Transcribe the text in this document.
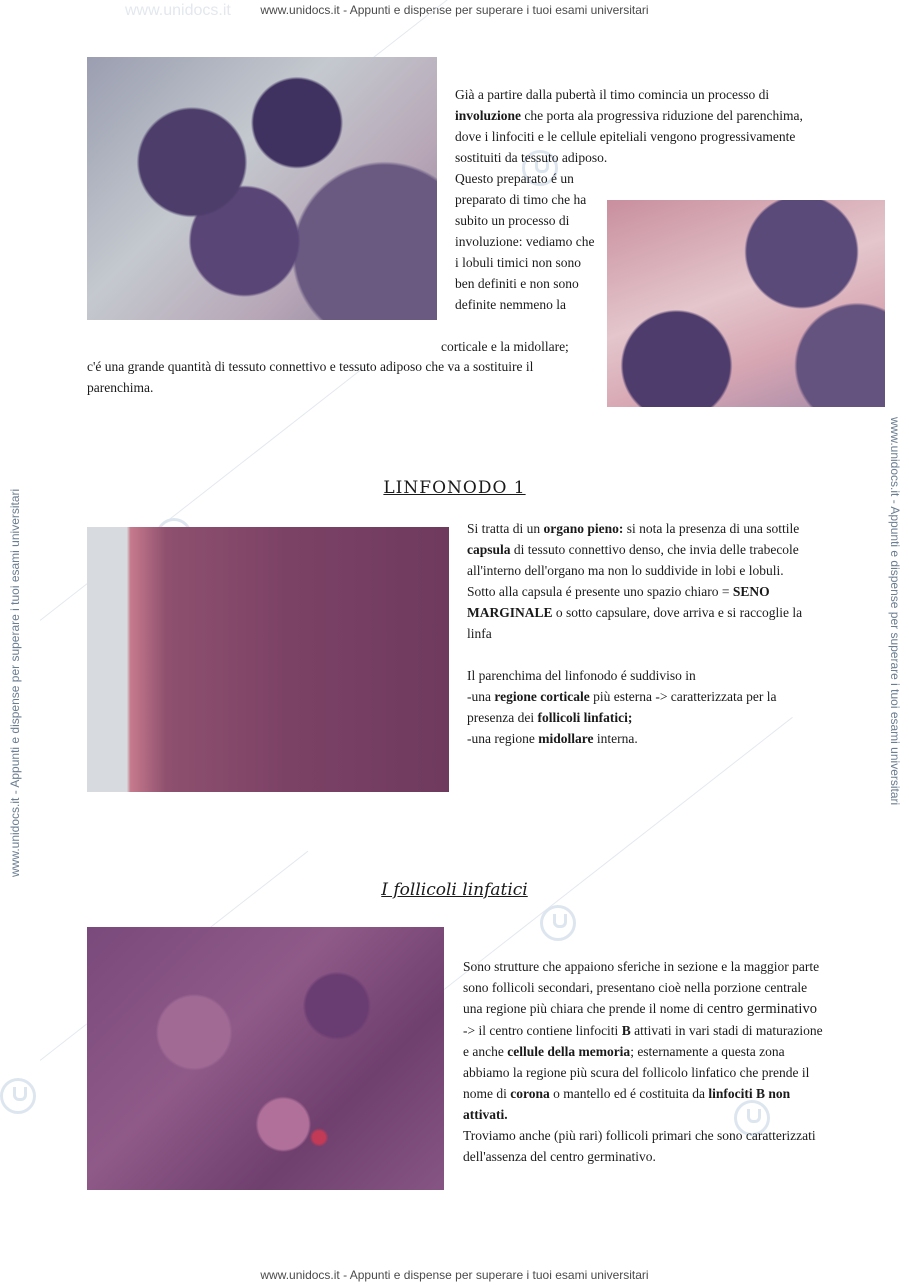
www.unidocs.it	www.unidocs.it - Appunti e dispense per superare i tuoi esami universitari
www.unidocs.it - Appunti e dispense per superare i tuoi esami universitari
www.unidocs.it - Appunti e dispense per superare i tuoi esami universitari	www.unidocs.it - Appunti e dispense per superare i tuoi esami universitari

Già a partire dalla pubertà il timo comincia un processo di involuzione che porta ala progressiva riduzione del parenchima, dove i linfociti e le cellule epiteliali vengono progressivamente sostituiti da tessuto adiposo.

Questo preparato é un preparato di timo che ha subito un processo di involuzione: vediamo che i lobuli timici non sono ben definiti e non sono definite nemmeno la

corticale e la midollare;

c'é una grande quantità di tessuto connettivo e tessuto adiposo che va a sostituire il parenchima.

LINFONODO 1

Si tratta di un organo pieno: si nota la presenza di una sottile capsula di tessuto connettivo denso, che invia delle trabecole all'interno dell'organo ma non lo suddivide in lobi e lobuli.

Sotto alla capsula é presente uno spazio chiaro = SENO MARGINALE o sotto capsulare, dove arriva e si raccoglie la linfa

Il parenchima del linfonodo é suddiviso in

-una regione corticale più esterna -> caratterizzata per la presenza dei follicoli linfatici;

-una regione midollare interna.

I follicoli linfatici

Sono strutture che appaiono sferiche in sezione e la maggior parte sono follicoli secondari, presentano cioè nella porzione centrale una regione più chiara che prende il nome di centro germinativo -> il centro contiene linfociti B attivati in vari stadi di maturazione e anche cellule della memoria; esternamente a questa zona abbiamo la regione più scura del follicolo linfatico che prende il nome di corona o mantello ed é costituita da linfociti B non attivati.

Troviamo anche (più rari) follicoli primari che sono caratterizzati dell'assenza del centro germinativo.
